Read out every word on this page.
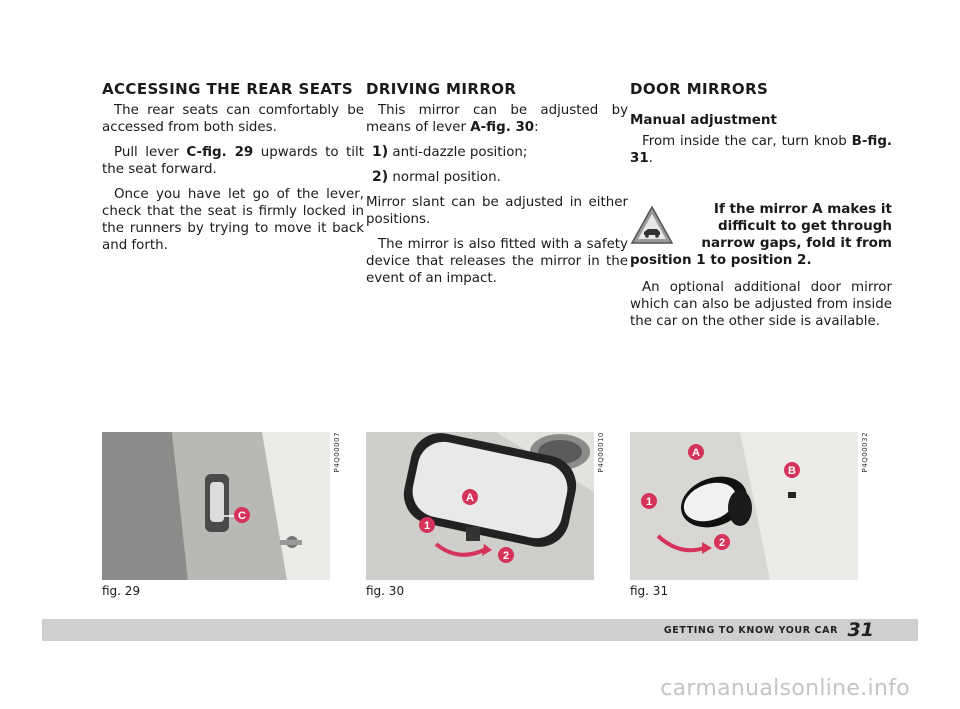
ACCESSING THE REAR SEATS

The rear seats can comfortably be accessed from both sides.

Pull lever C-fig. 29 upwards to tilt the seat forward.

Once you have let go of the lever, check that the seat is firmly locked in the runners by trying to move it back and forth.

DRIVING MIRROR

This mirror can be adjusted by means of lever A-fig. 30:

1) anti-dazzle position;

2) normal position.

Mirror slant can be adjusted in either positions.

The mirror is also fitted with a safety device that releases the mirror in the event of an impact.

DOOR MIRRORS
Manual adjustment

From inside the car, turn knob B-fig. 31.

If the mirror A makes it
difficult to get through
narrow gaps, fold it from
position 1 to position 2.

An optional additional door mirror which can also be adjusted from inside the car on the other side is available.

P4Q00007
fig. 29
C
P4Q00010
fig. 30
A
1
2
P4Q00032
fig. 31
A
B
1
2
GETTING TO KNOW YOUR CAR 31
carmanualsonline.info
